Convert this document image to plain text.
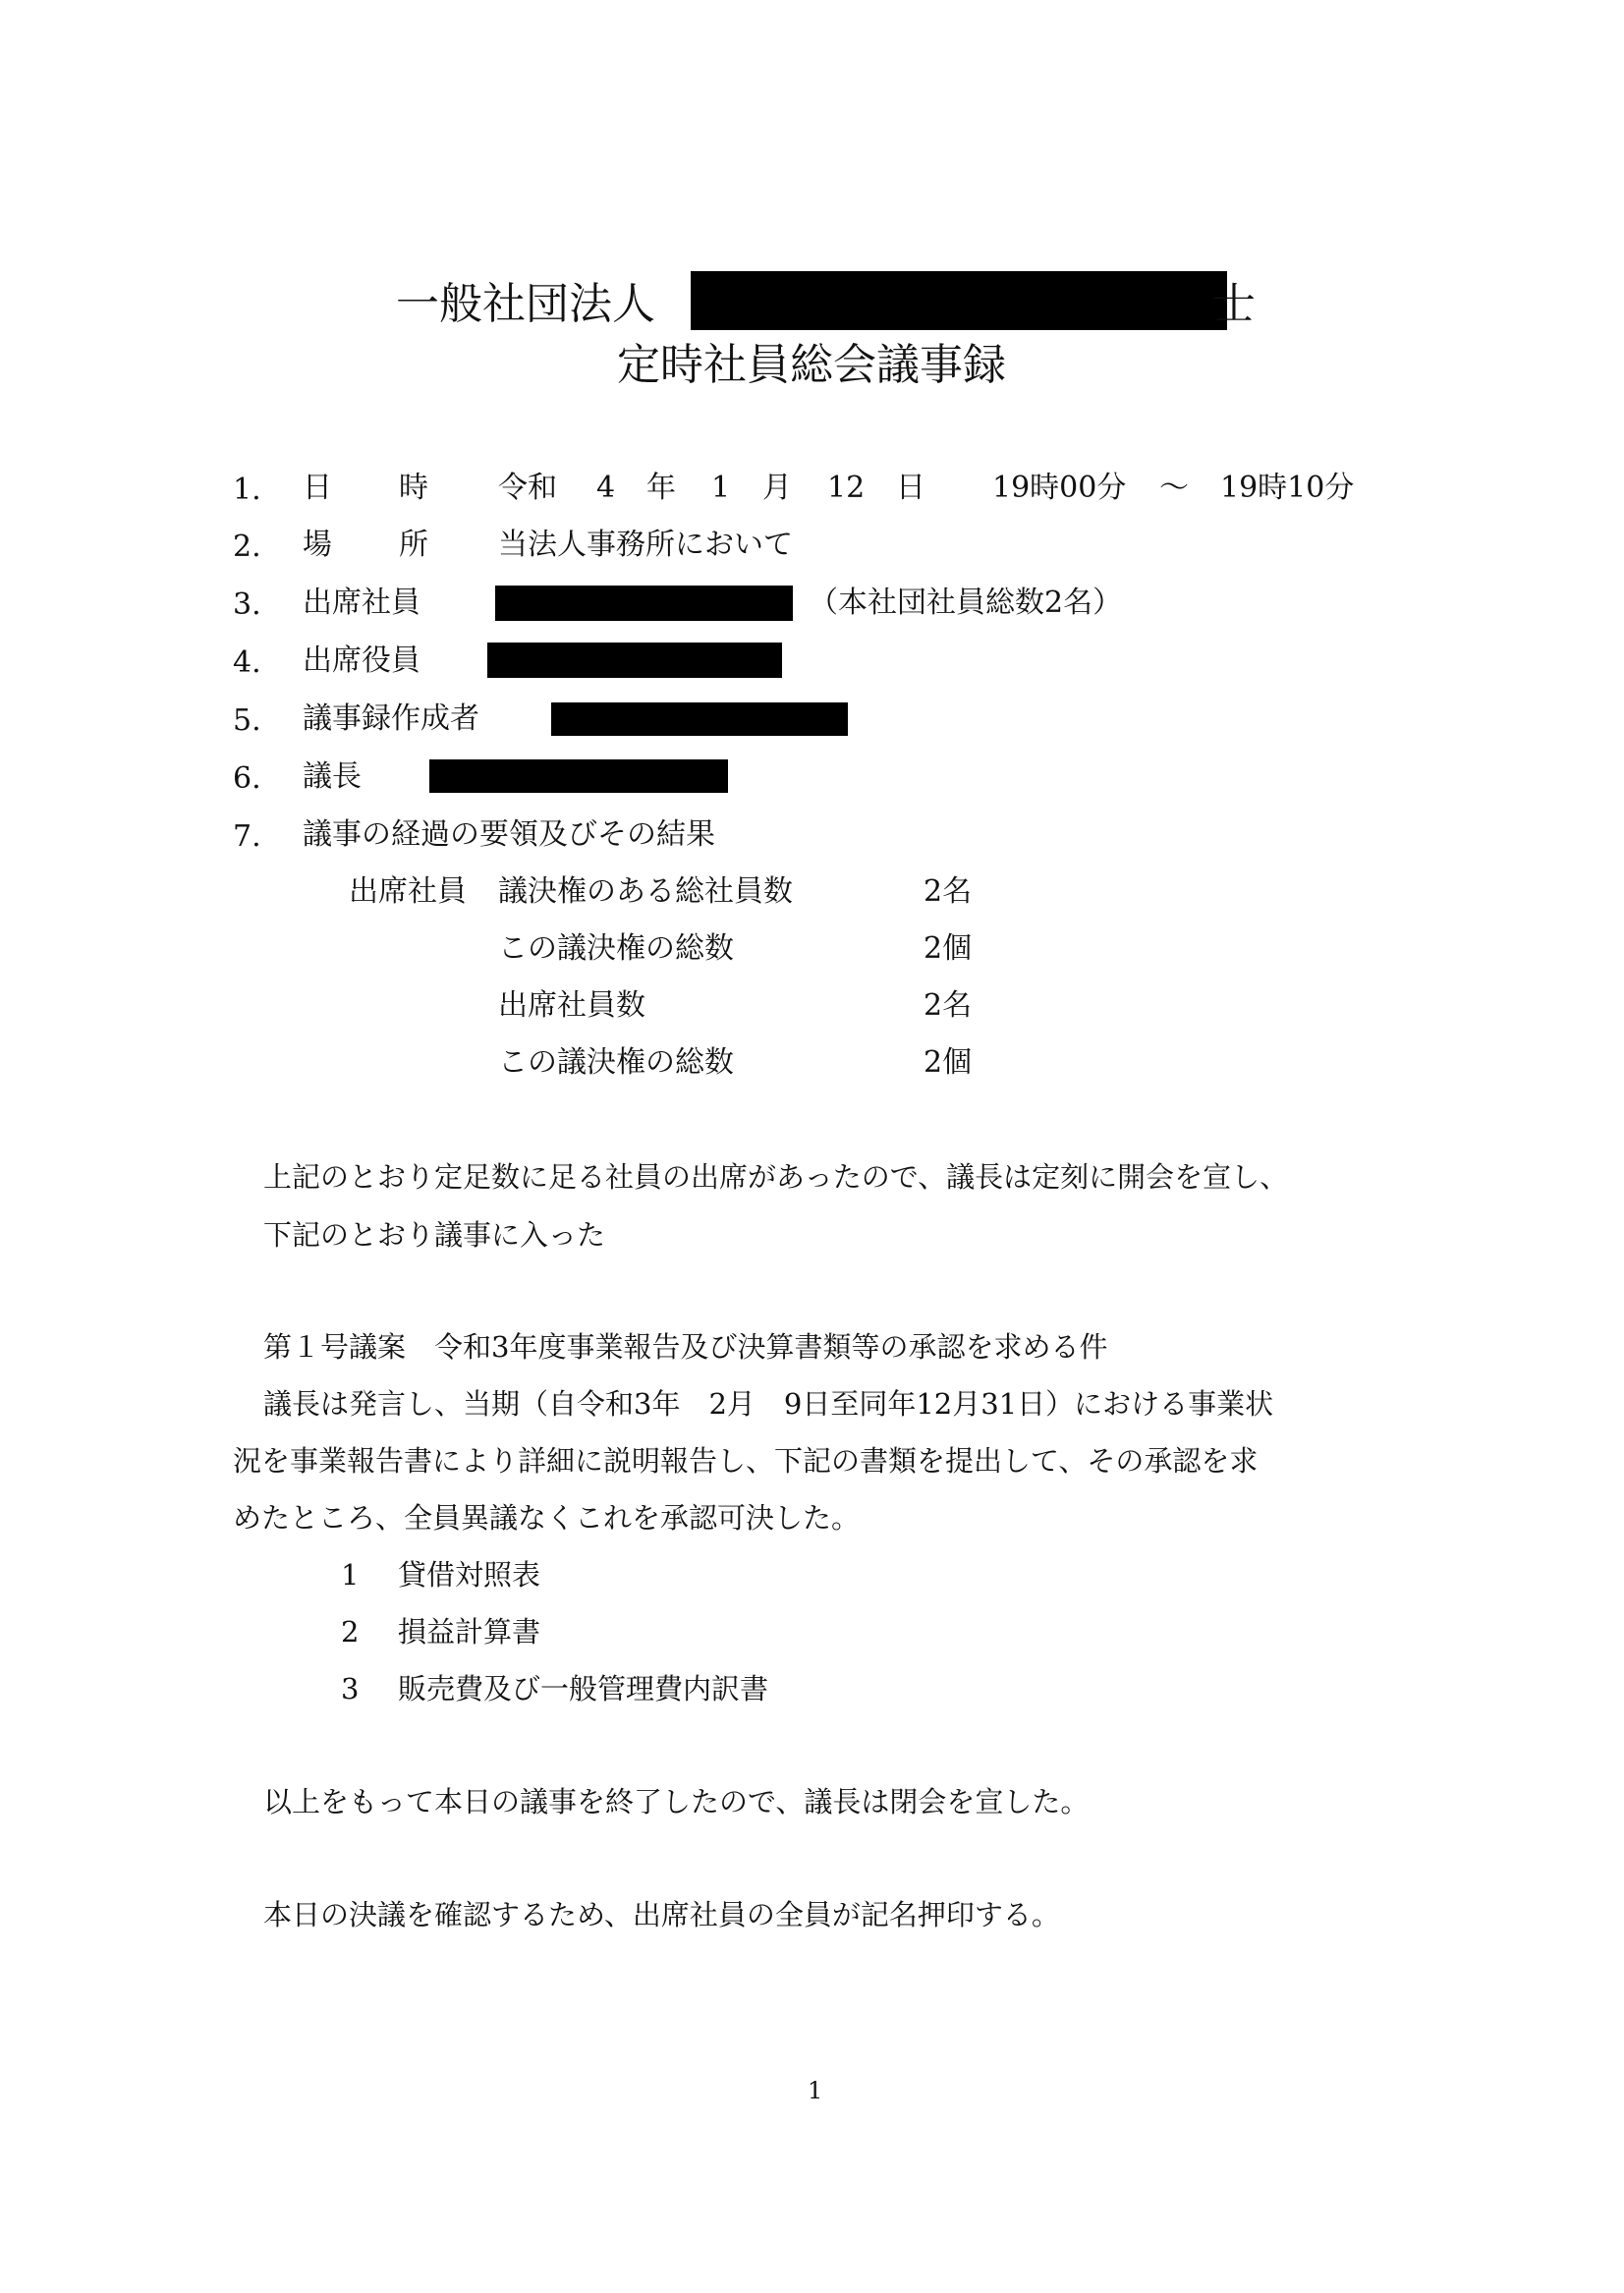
一般社団法人	士
定時社員総会議事録
1. 日 時 令和 4 年 1 月 12 日 19時00分 ～ 19時10分
2. 場 所 当法人事務所において
3. 出席社員	（本社団社員総数2名）
4. 出席役員
5. 議事録作成者
6. 議長
7. 議事の経過の要領及びその結果
出席社員 議決権のある総社員数	2名
この議決権の総数	2個
出席社員数	2名
この議決権の総数	2個
上記のとおり定足数に足る社員の出席があったので、議長は定刻に開会を宣し、
下記のとおり議事に入った
第１号議案　令和3年度事業報告及び決算書類等の承認を求める件
議長は発言し、当期（自令和3年　2月　9日至同年12月31日）における事業状
況を事業報告書により詳細に説明報告し、下記の書類を提出して、その承認を求
めたところ、全員異議なくこれを承認可決した。
1 貸借対照表
2 損益計算書
3 販売費及び一般管理費内訳書
以上をもって本日の議事を終了したので、議長は閉会を宣した。
本日の決議を確認するため、出席社員の全員が記名押印する。
1
